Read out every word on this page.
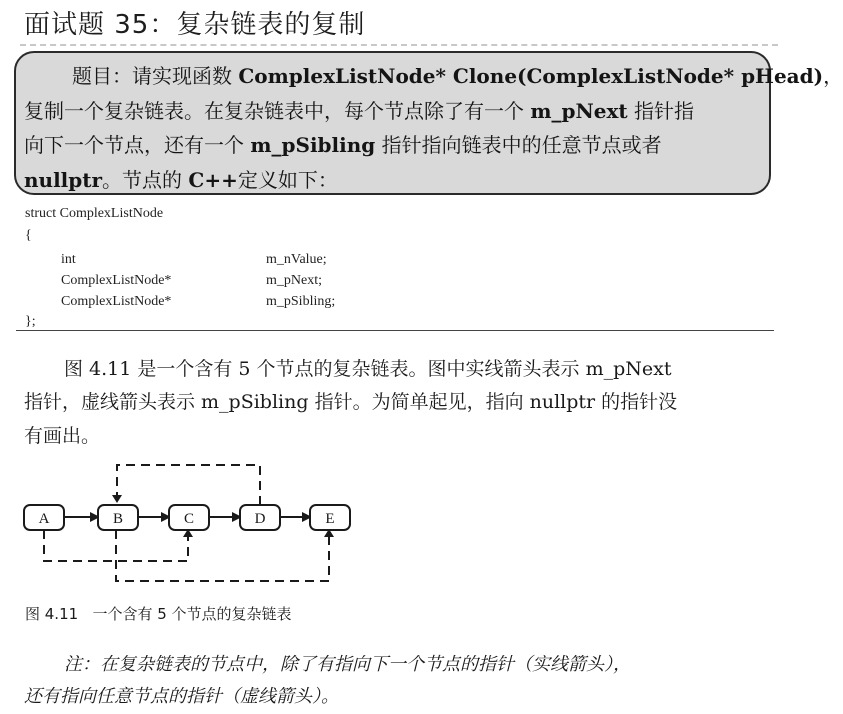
面试题 35：复杂链表的复制
题目：请实现函数 ComplexListNode* Clone(ComplexListNode* pHead)，
复制一个复杂链表。在复杂链表中，每个节点除了有一个 m_pNext 指针指
向下一个节点，还有一个 m_pSibling 指针指向链表中的任意节点或者
nullptr。节点的 C++定义如下：
struct ComplexListNode
{
int	m_nValue;
ComplexListNode*	m_pNext;
ComplexListNode*	m_pSibling;
};
图 4.11 是一个含有 5 个节点的复杂链表。图中实线箭头表示 m_pNext
指针，虚线箭头表示 m_pSibling 指针。为简单起见，指向 nullptr 的指针没
有画出。
A	B	C	D	E
图 4.11   一个含有 5 个节点的复杂链表
注：在复杂链表的节点中，除了有指向下一个节点的指针（实线箭头），
还有指向任意节点的指针（虚线箭头）。
